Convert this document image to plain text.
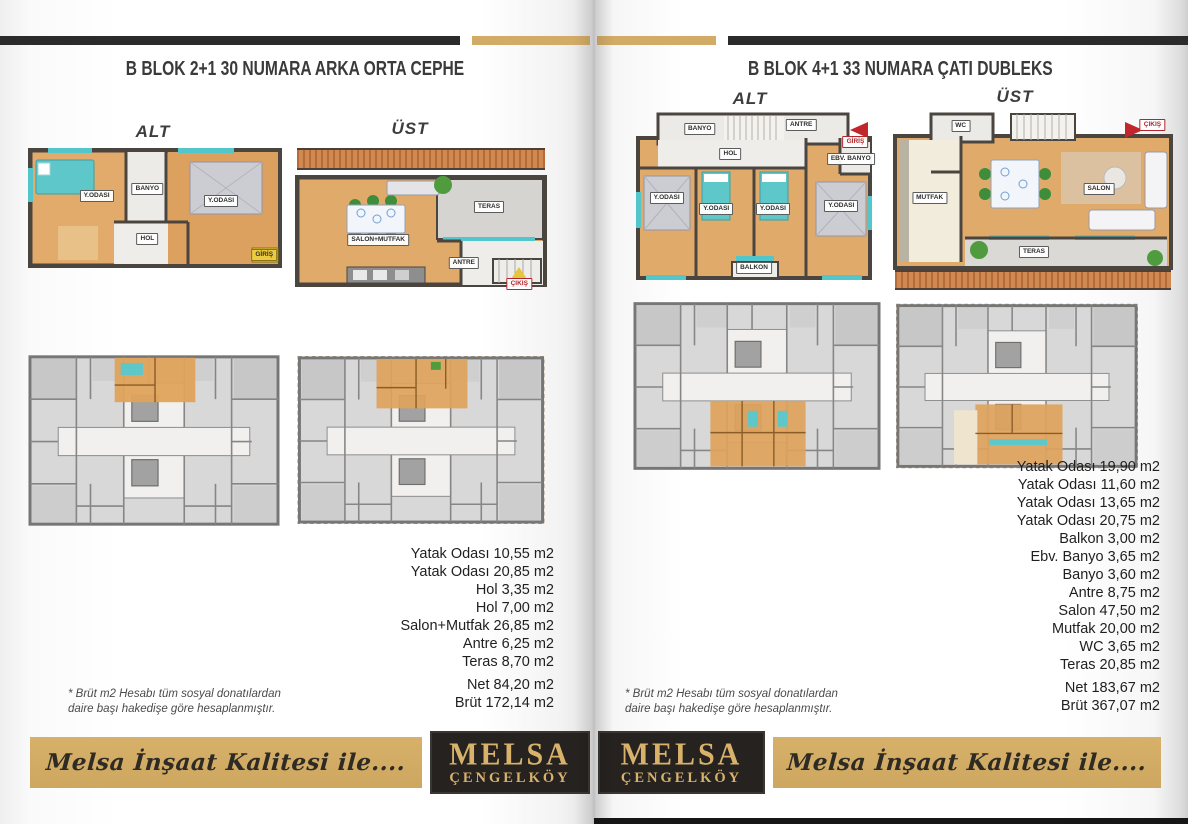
B BLOK 2+1 30 NUMARA ARKA ORTA CEPHE
ALT	ÜST
Y.ODASI
BANYO
Y.ODASI
HOL
GİRİŞ
TERAS
SALON+MUTFAK
ANTRE
ÇIKIŞ
Yatak Odası 10,55 m2
Yatak Odası 20,85 m2
Hol 3,35 m2
Hol 7,00 m2
Salon+Mutfak 26,85 m2
Antre 6,25 m2
Teras 8,70 m2
Net 84,20 m2
Brüt 172,14 m2
* Brüt m2 Hesabı tüm sosyal donatılardan
daire başı hakedişe göre hesaplanmıştır.
Melsa İnşaat Kalitesi ile.... MELSA
ÇENGELKÖY
B BLOK 4+1 33 NUMARA ÇATI DUBLEKS
ALT	ÜST
BANYO	ANTRE
GİRİŞ
HOL
EBV. BANYO
Y.ODASI
Y.ODASI	Y.ODASI	Y.ODASI
BALKON
WC	ÇIKIŞ
MUTFAK
SALON
TERAS
Yatak Odası 19,90 m2
Yatak Odası 11,60 m2
Yatak Odası 13,65 m2
Yatak Odası 20,75 m2
Balkon 3,00 m2
Ebv. Banyo 3,65 m2
Banyo 3,60 m2
Antre 8,75 m2
Salon 47,50 m2
Mutfak 20,00 m2
WC 3,65 m2
Teras 20,85 m2
Net 183,67 m2
Brüt 367,07 m2
* Brüt m2 Hesabı tüm sosyal donatılardan
daire başı hakedişe göre hesaplanmıştır.
MELSA
ÇENGELKÖY
Melsa İnşaat Kalitesi ile....
